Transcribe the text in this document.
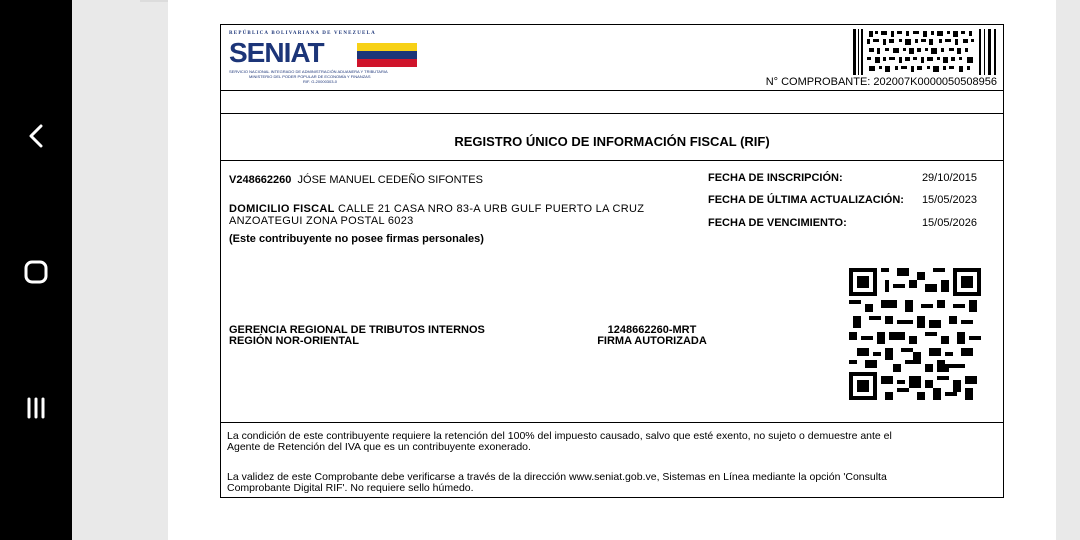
REPÚBLICA BOLIVARIANA DE VENEZUELA
SENIAT
SERVICIO NACIONAL INTEGRADO DE ADMINISTRACIÓN ADUANERA Y TRIBUTARIA
MINISTERIO DEL PODER POPULAR DE ECONOMÍA Y FINANZAS
RIF. G-20000303-0	N° COMPROBANTE: 202007K0000050508956
REGISTRO ÚNICO DE INFORMACIÓN FISCAL (RIF)
V248662260 JÓSE MANUEL CEDEÑO SIFONTES
DOMICILIO FISCAL CALLE 21 CASA NRO 83-A URB GULF PUERTO LA CRUZ
ANZOATEGUI ZONA POSTAL 6023
(Este contribuyente no posee firmas personales)
FECHA DE INSCRIPCIÓN:	29/10/2015
FECHA DE ÚLTIMA ACTUALIZACIÓN: 15/05/2023
FECHA DE VENCIMIENTO:	15/05/2026
GERENCIA REGIONAL DE TRIBUTOS INTERNOS
REGIÓN NOR-ORIENTAL
1248662260-MRT
FIRMA AUTORIZADA
La condición de este contribuyente requiere la retención del 100% del impuesto causado, salvo que esté exento, no sujeto o demuestre ante el
Agente de Retención del IVA que es un contribuyente exonerado.
La validez de este Comprobante debe verificarse a través de la dirección www.seniat.gob.ve, Sistemas en Línea mediante la opción 'Consulta
Comprobante Digital RIF'. No requiere sello húmedo.
